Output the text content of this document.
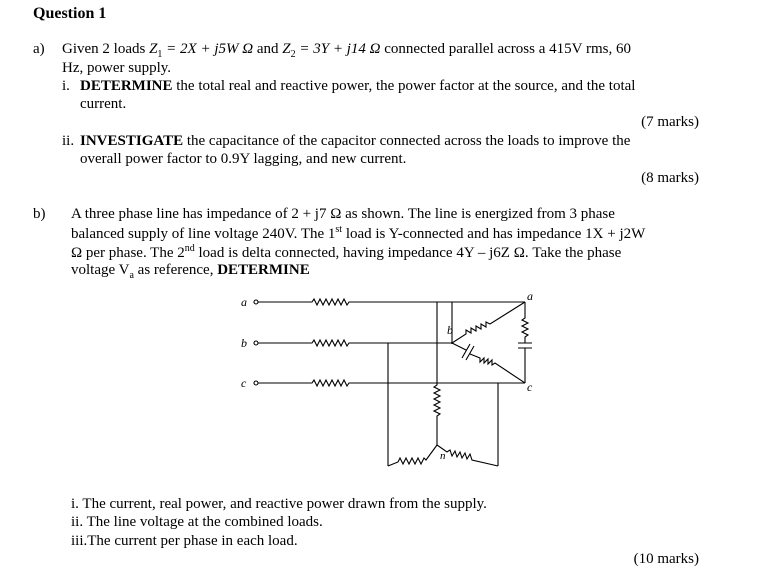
Question 1
a) Given 2 loads $Z_1 = 2X + j5W$ Ω and $Z_2 = 3Y + j14$ Ω connected parallel across a 415V rms, 60
Hz, power supply.
i. DETERMINE the total real and reactive power, the power factor at the source, and the total
current.
(7 marks)
ii. INVESTIGATE the capacitance of the capacitor connected across the loads to improve the
overall power factor to 0.9Y lagging, and new current.
(8 marks)
b) A three phase line has impedance of 2 + j7 Ω as shown. The line is energized from 3 phase
balanced supply of line voltage 240V. The 1st load is Y-connected and has impedance 1X + j2W
Ω per phase. The 2nd load is delta connected, having impedance 4Y – j6Z Ω. Take the phase
voltage $V_a$ as reference, DETERMINE
a
b
c
n
b
a
c
i. The current, real power, and reactive power drawn from the supply.
ii. The line voltage at the combined loads.
iii.The current per phase in each load.
(10 marks)
